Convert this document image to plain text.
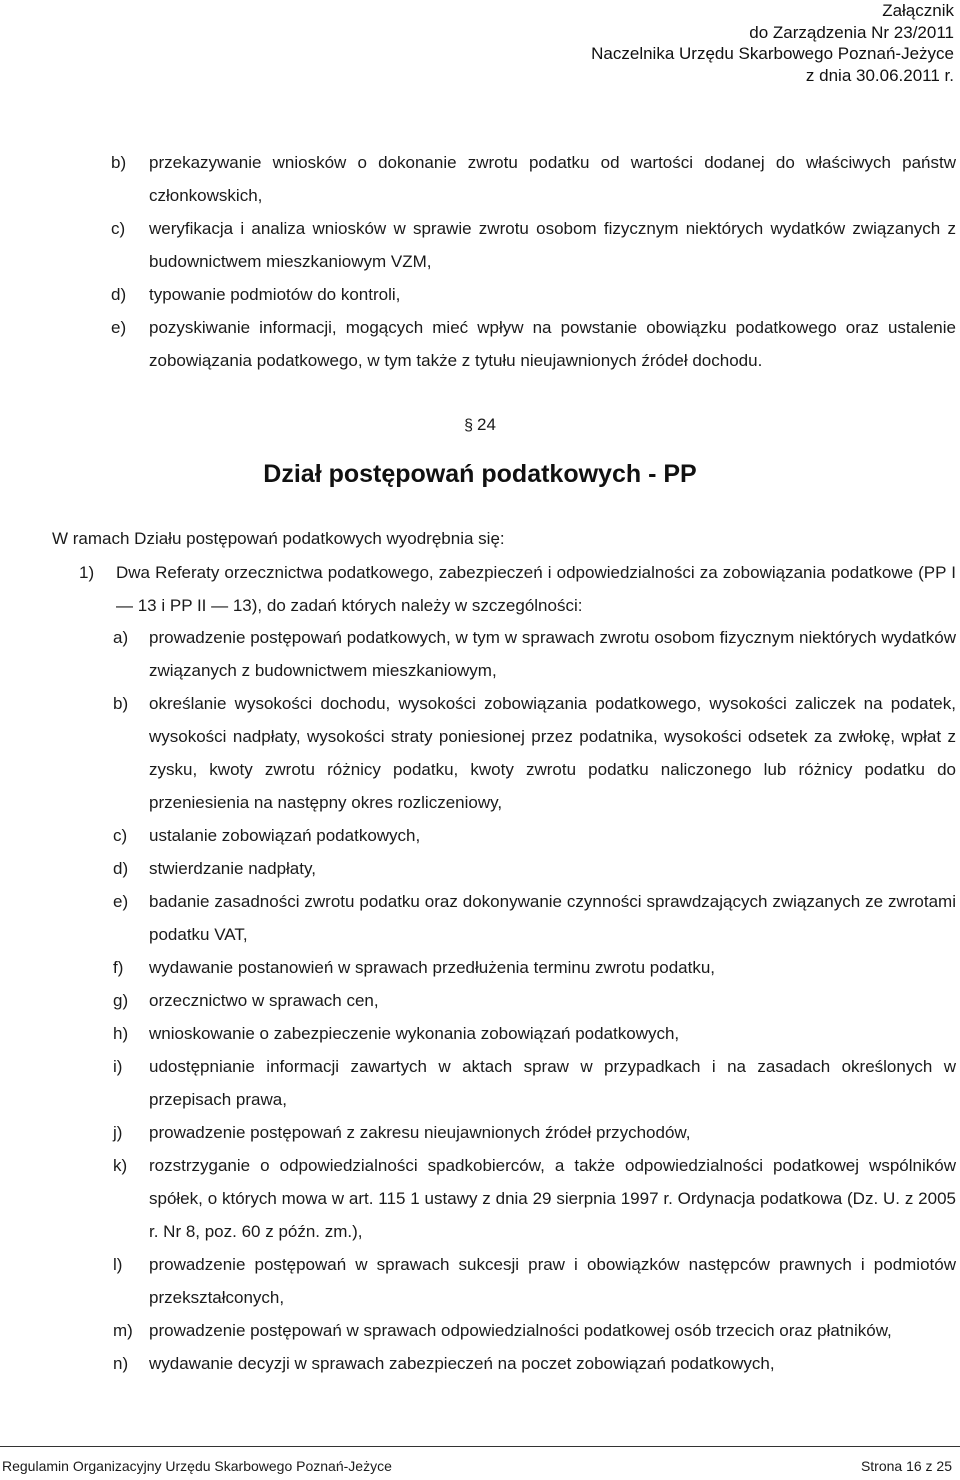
Załącznik
do Zarządzenia Nr 23/2011
Naczelnika Urzędu Skarbowego Poznań-Jeżyce
z dnia 30.06.2011 r.
b) przekazywanie wniosków o dokonanie zwrotu podatku od wartości dodanej do właściwych państw członkowskich,
c) weryfikacja i analiza wniosków w sprawie zwrotu osobom fizycznym niektórych wydatków związanych z budownictwem mieszkaniowym VZM,
d) typowanie podmiotów do kontroli,
e) pozyskiwanie informacji, mogących mieć wpływ na powstanie obowiązku podatkowego oraz ustalenie zobowiązania podatkowego, w tym także z tytułu nieujawnionych źródeł dochodu.
§ 24
Dział postępowań podatkowych - PP
W ramach Działu postępowań podatkowych wyodrębnia się:
1) Dwa Referaty orzecznictwa podatkowego, zabezpieczeń i odpowiedzialności za zobowiązania podatkowe (PP I — 13 i PP II — 13), do zadań których należy w szczególności:
a) prowadzenie postępowań podatkowych, w tym w sprawach zwrotu osobom fizycznym niektórych wydatków związanych z budownictwem mieszkaniowym,
b) określanie wysokości dochodu, wysokości zobowiązania podatkowego, wysokości zaliczek na podatek, wysokości nadpłaty, wysokości straty poniesionej przez podatnika, wysokości odsetek za zwłokę, wpłat z zysku, kwoty zwrotu różnicy podatku, kwoty zwrotu podatku naliczonego lub różnicy podatku do przeniesienia na następny okres rozliczeniowy,
c) ustalanie zobowiązań podatkowych,
d) stwierdzanie nadpłaty,
e) badanie zasadności zwrotu podatku oraz dokonywanie czynności sprawdzających związanych ze zwrotami podatku VAT,
f) wydawanie postanowień w sprawach przedłużenia terminu zwrotu podatku,
g) orzecznictwo w sprawach cen,
h) wnioskowanie o zabezpieczenie wykonania zobowiązań podatkowych,
i) udostępnianie informacji zawartych w aktach spraw w przypadkach i na zasadach określonych w przepisach prawa,
j) prowadzenie postępowań z zakresu nieujawnionych źródeł przychodów,
k) rozstrzyganie o odpowiedzialności spadkobierców, a także odpowiedzialności podatkowej wspólników spółek, o których mowa w art. 115 1 ustawy z dnia 29 sierpnia 1997 r. Ordynacja podatkowa (Dz. U. z 2005 r. Nr 8, poz. 60 z późn. zm.),
l) prowadzenie postępowań w sprawach sukcesji praw i obowiązków następców prawnych i podmiotów przekształconych,
m) prowadzenie postępowań w sprawach odpowiedzialności podatkowej osób trzecich oraz płatników,
n) wydawanie decyzji w sprawach zabezpieczeń na poczet zobowiązań podatkowych,
Regulamin Organizacyjny Urzędu Skarbowego Poznań-Jeżyce	Strona 16 z 25
